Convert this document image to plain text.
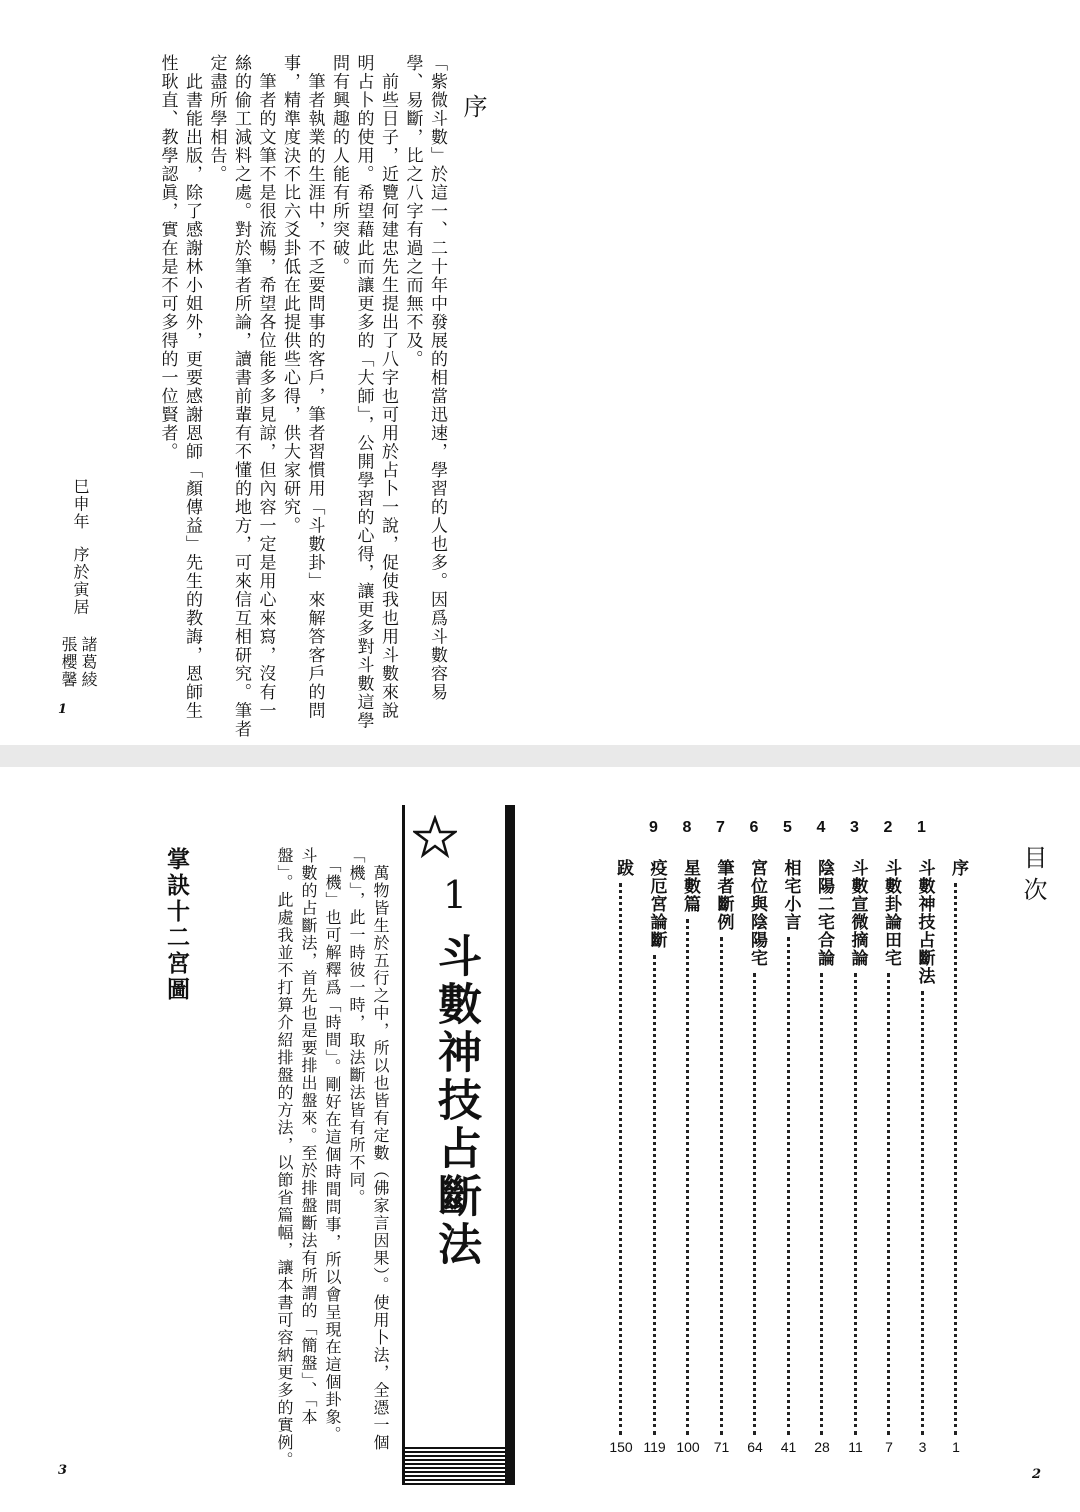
序
「紫微斗數」於這一、二十年中發展的相當迅速，學習的人也多。因爲斗數容易
學、易斷，比之八字有過之而無不及。
　前些日子，近覽何建忠先生提出了八字也可用於占卜一說，促使我也用斗數來說
明占卜的使用。希望藉此而讓更多的「大師」，公開學習的心得，讓更多對斗數這學
問有興趣的人能有所突破。
　筆者執業的生涯中，不乏要問事的客戶，筆者習慣用「斗數卦」來解答客戶的問
事，精準度決不比六爻卦低在此提供些心得，供大家研究。
　筆者的文筆不是很流暢，希望各位能多多見諒，但內容一定是用心來寫，沒有一
絲的偷工減料之處。對於筆者所論，讀書前輩有不懂的地方，可來信互相研究。筆者
定盡所學相告。
　此書能出版，除了感謝林小姐外，更要感謝恩師「顏傳益」先生的教誨，恩師生
性耿直、教學認眞，實在是不可多得的一位賢者。
諸葛綾
張櫻馨
序於寅居
巳申年
1
掌訣十二宮圖
3
　萬物皆生於五行之中，所以也皆有定數（佛家言因果）。使用卜法，全憑一個
「機」，此一時彼一時，取法斷法皆有所不同。
　「機」也可解釋爲「時間」。剛好在這個時間問事，所以會呈現在這個卦象。
斗數的占斷法，首先也是要排出盤來。至於排盤斷法有所謂的「簡盤」、「本
盤」。此處我並不打算介紹排盤的方法，以節省篇幅，讓本書可容納更多的實例。	1
斗數神技占斷法
目次
序
1
1
斗數神技占斷法
3
2
斗數卦論田宅
7
3
斗數宣微摘論
11
4
陰陽二宅合論
28
5
相宅小言
41
6
宮位與陰陽宅
64
7
筆者斷例
71
8
星數篇
100
9
疫厄宮論斷
119
跋
150
2
